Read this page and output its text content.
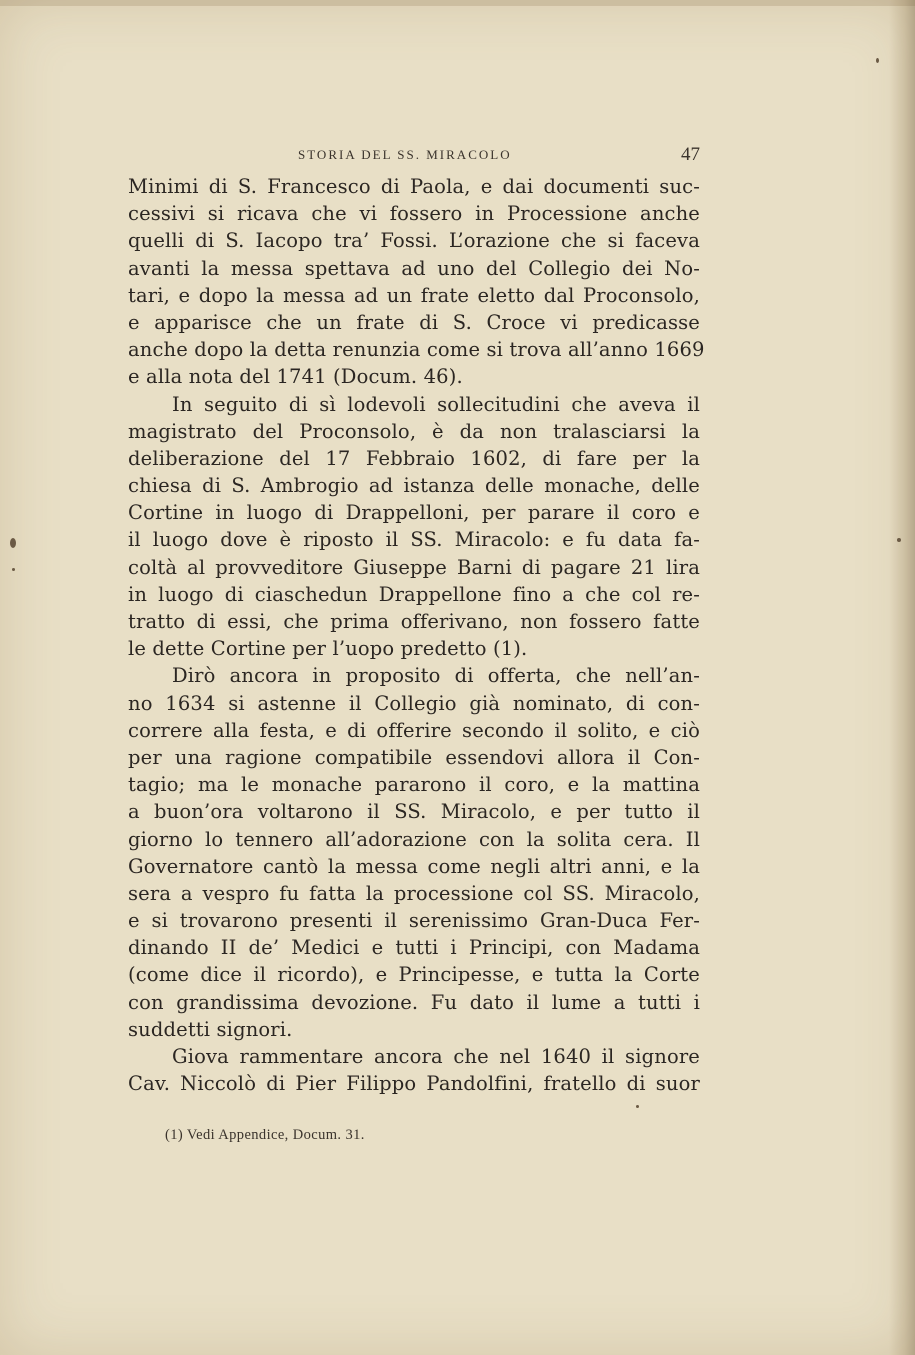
STORIA DEL SS. MIRACOLO	47
Minimi di S. Francesco di Paola, e dai documenti suc-
cessivi si ricava che vi fossero in Processione anche
quelli di S. Iacopo tra’ Fossi. L’orazione che si faceva
avanti la messa spettava ad uno del Collegio dei No-
tari, e dopo la messa ad un frate eletto dal Proconsolo,
e apparisce che un frate di S. Croce vi predicasse
anche dopo la detta renunzia come si trova all’anno 1669
e alla nota del 1741 (Docum. 46).
In seguito di sì lodevoli sollecitudini che aveva il
magistrato del Proconsolo, è da non tralasciarsi la
deliberazione del 17 Febbraio 1602, di fare per la
chiesa di S. Ambrogio ad istanza delle monache, delle
Cortine in luogo di Drappelloni, per parare il coro e
il luogo dove è riposto il SS. Miracolo: e fu data fa-
coltà al provveditore Giuseppe Barni di pagare 21 lira
in luogo di ciaschedun Drappellone fino a che col re-
tratto di essi, che prima offerivano, non fossero fatte
le dette Cortine per l’uopo predetto (1).
Dirò ancora in proposito di offerta, che nell’an-
no 1634 si astenne il Collegio già nominato, di con-
correre alla festa, e di offerire secondo il solito, e ciò
per una ragione compatibile essendovi allora il Con-
tagio; ma le monache pararono il coro, e la mattina
a buon’ora voltarono il SS. Miracolo, e per tutto il
giorno lo tennero all’adorazione con la solita cera. Il
Governatore cantò la messa come negli altri anni, e la
sera a vespro fu fatta la processione col SS. Miracolo,
e si trovarono presenti il serenissimo Gran-Duca Fer-
dinando II de’ Medici e tutti i Principi, con Madama
(come dice il ricordo), e Principesse, e tutta la Corte
con grandissima devozione. Fu dato il lume a tutti i
suddetti signori.
Giova rammentare ancora che nel 1640 il signore
Cav. Niccolò di Pier Filippo Pandolfini, fratello di suor
(1) Vedi Appendice, Docum. 31.
